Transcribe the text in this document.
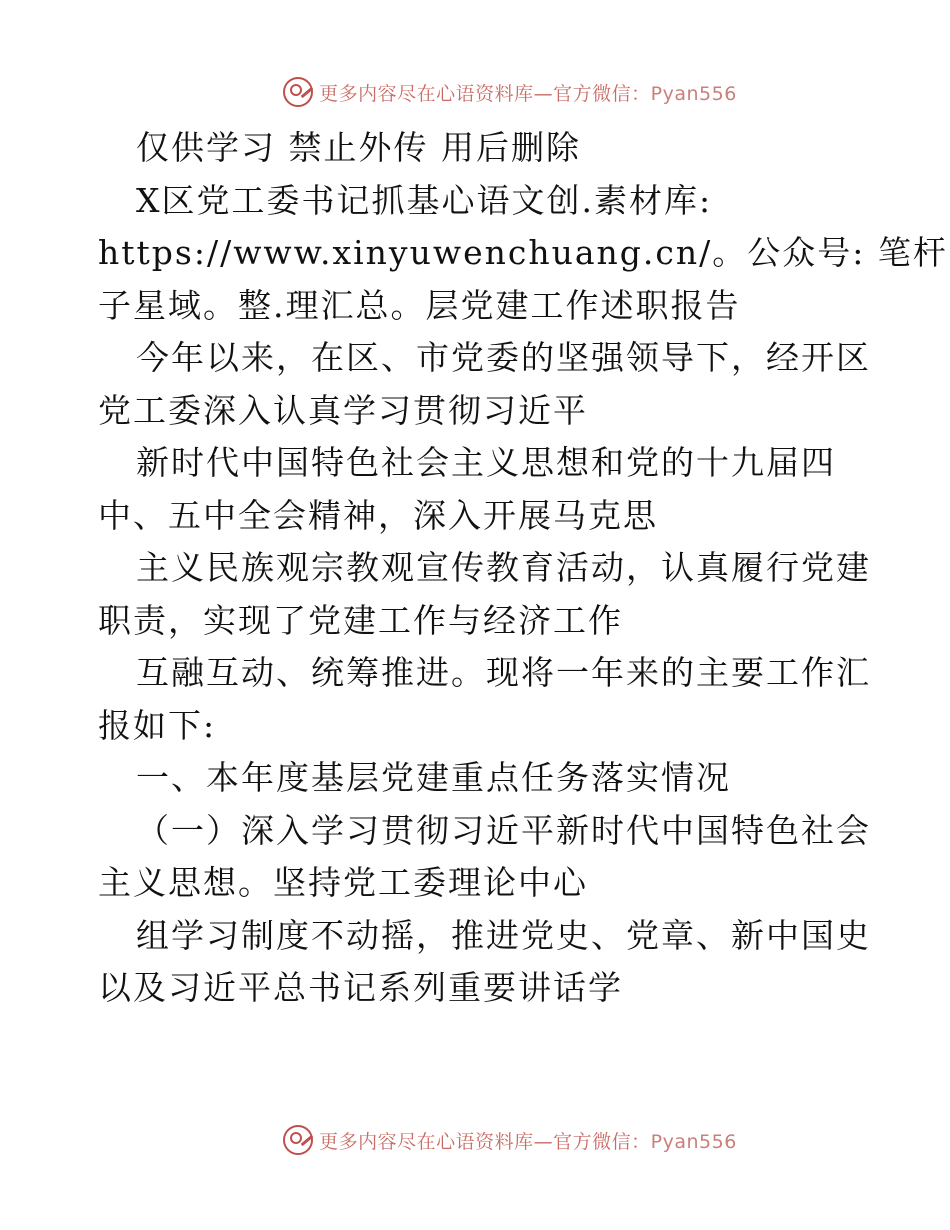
更多内容尽在心语资料库—官方微信：Pyan556
仅供学习 禁止外传 用后删除
X区党工委书记抓基心语文创.素材库:
https://www.xinyuwenchuang.cn/。公众号: 笔杆
子星域。整.理汇总。层党建工作述职报告
今年以来，在区、市党委的坚强领导下，经开区
党工委深入认真学习贯彻习近平
新时代中国特色社会主义思想和党的十九届四
中、五中全会精神，深入开展马克思
主义民族观宗教观宣传教育活动，认真履行党建
职责，实现了党建工作与经济工作
互融互动、统筹推进。现将一年来的主要工作汇
报如下:
一、本年度基层党建重点任务落实情况
（一）深入学习贯彻习近平新时代中国特色社会
主义思想。坚持党工委理论中心
组学习制度不动摇，推进党史、党章、新中国史
以及习近平总书记系列重要讲话学
更多内容尽在心语资料库—官方微信：Pyan556
